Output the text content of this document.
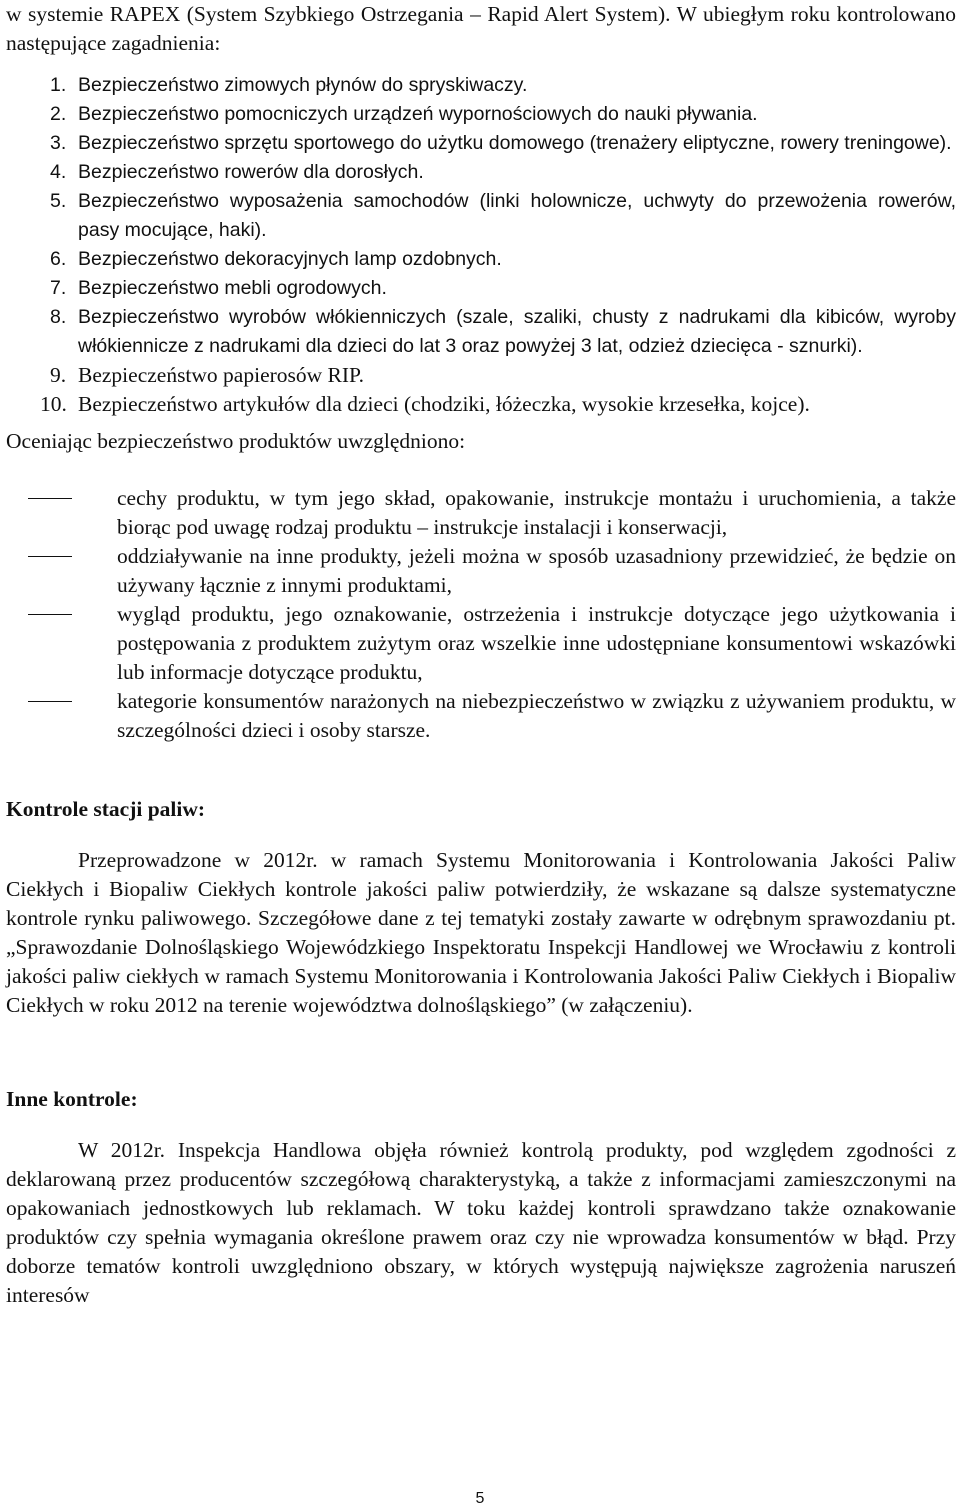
w systemie RAPEX (System Szybkiego Ostrzegania – Rapid Alert System). W ubiegłym roku kontrolowano następujące zagadnienia:

1. Bezpieczeństwo zimowych płynów do spryskiwaczy.
2. Bezpieczeństwo pomocniczych urządzeń wypornościowych do nauki pływania.
3. Bezpieczeństwo sprzętu sportowego do użytku domowego (trenażery eliptyczne, rowery treningowe).
4. Bezpieczeństwo rowerów dla dorosłych.
5. Bezpieczeństwo wyposażenia samochodów (linki holownicze, uchwyty do przewożenia rowerów, pasy mocujące, haki).
6. Bezpieczeństwo dekoracyjnych lamp ozdobnych.
7. Bezpieczeństwo mebli ogrodowych.
8. Bezpieczeństwo wyrobów włókienniczych (szale, szaliki, chusty z nadrukami dla kibiców, wyroby włókiennicze z nadrukami dla dzieci do lat 3 oraz powyżej 3 lat, odzież dziecięca - sznurki).
9. Bezpieczeństwo papierosów RIP.
10. Bezpieczeństwo artykułów dla dzieci (chodziki, łóżeczka, wysokie krzesełka, kojce).

Oceniając bezpieczeństwo produktów uwzględniono:

cechy produktu, w tym jego skład, opakowanie, instrukcje montażu i uruchomienia, a także biorąc pod uwagę rodzaj produktu – instrukcje instalacji i konserwacji,
oddziaływanie na inne produkty, jeżeli można w sposób uzasadniony przewidzieć, że będzie on używany łącznie z innymi produktami,
wygląd produktu, jego oznakowanie, ostrzeżenia i instrukcje dotyczące jego użytkowania i postępowania z produktem zużytym oraz wszelkie inne udostępniane konsumentowi wskazówki lub informacje dotyczące produktu,
kategorie konsumentów narażonych na niebezpieczeństwo w związku z używaniem produktu, w szczególności dzieci i osoby starsze.
Kontrole stacji paliw:

Przeprowadzone w 2012r. w ramach Systemu Monitorowania i Kontrolowania Jakości Paliw Ciekłych i Biopaliw Ciekłych kontrole jakości paliw potwierdziły, że wskazane są dalsze systematyczne kontrole rynku paliwowego. Szczegółowe dane z tej tematyki zostały zawarte w odrębnym sprawozdaniu pt. „Sprawozdanie Dolnośląskiego Wojewódzkiego Inspektoratu Inspekcji Handlowej we Wrocławiu z kontroli jakości paliw ciekłych w ramach Systemu Monitorowania i Kontrolowania Jakości Paliw Ciekłych i Biopaliw Ciekłych w roku 2012 na terenie województwa dolnośląskiego” (w załączeniu).

Inne kontrole:

W 2012r. Inspekcja Handlowa objęła również kontrolą produkty, pod względem zgodności z deklarowaną przez producentów szczegółową charakterystyką, a także z informacjami zamieszczonymi na opakowaniach jednostkowych lub reklamach. W toku każdej kontroli sprawdzano także oznakowanie produktów czy spełnia wymagania określone prawem oraz czy nie wprowadza konsumentów w błąd. Przy doborze tematów kontroli uwzględniono obszary, w których występują największe zagrożenia naruszeń interesów

5
